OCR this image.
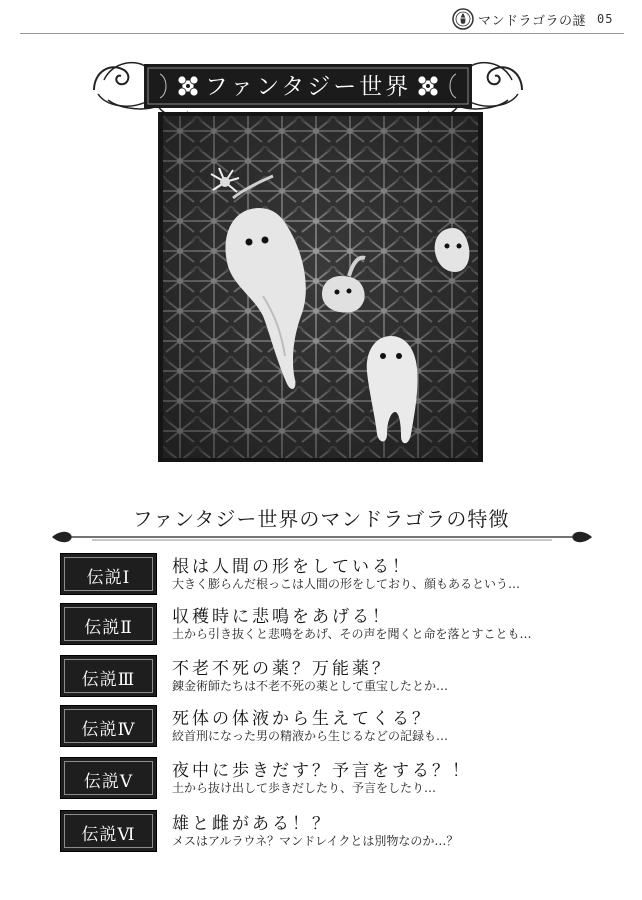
マンドラゴラの謎 05
ファンタジー世界
ファンタジー世界のマンドラゴラの特徴
伝説Ⅰ
根は人間の形をしている！
大きく膨らんだ根っこは人間の形をしており、顔もあるという…
伝説Ⅱ
収穫時に悲鳴をあげる！
土から引き抜くと悲鳴をあげ、その声を聞くと命を落とすことも…
伝説Ⅲ
不老不死の薬？万能薬？
錬金術師たちは不老不死の薬として重宝したとか…
伝説Ⅳ
死体の体液から生えてくる？
絞首刑になった男の精液から生じるなどの記録も…
伝説Ⅴ
夜中に歩きだす？予言をする？！
土から抜け出して歩きだしたり、予言をしたり…
伝説Ⅵ
雄と雌がある！？
メスはアルラウネ？マンドレイクとは別物なのか…？
